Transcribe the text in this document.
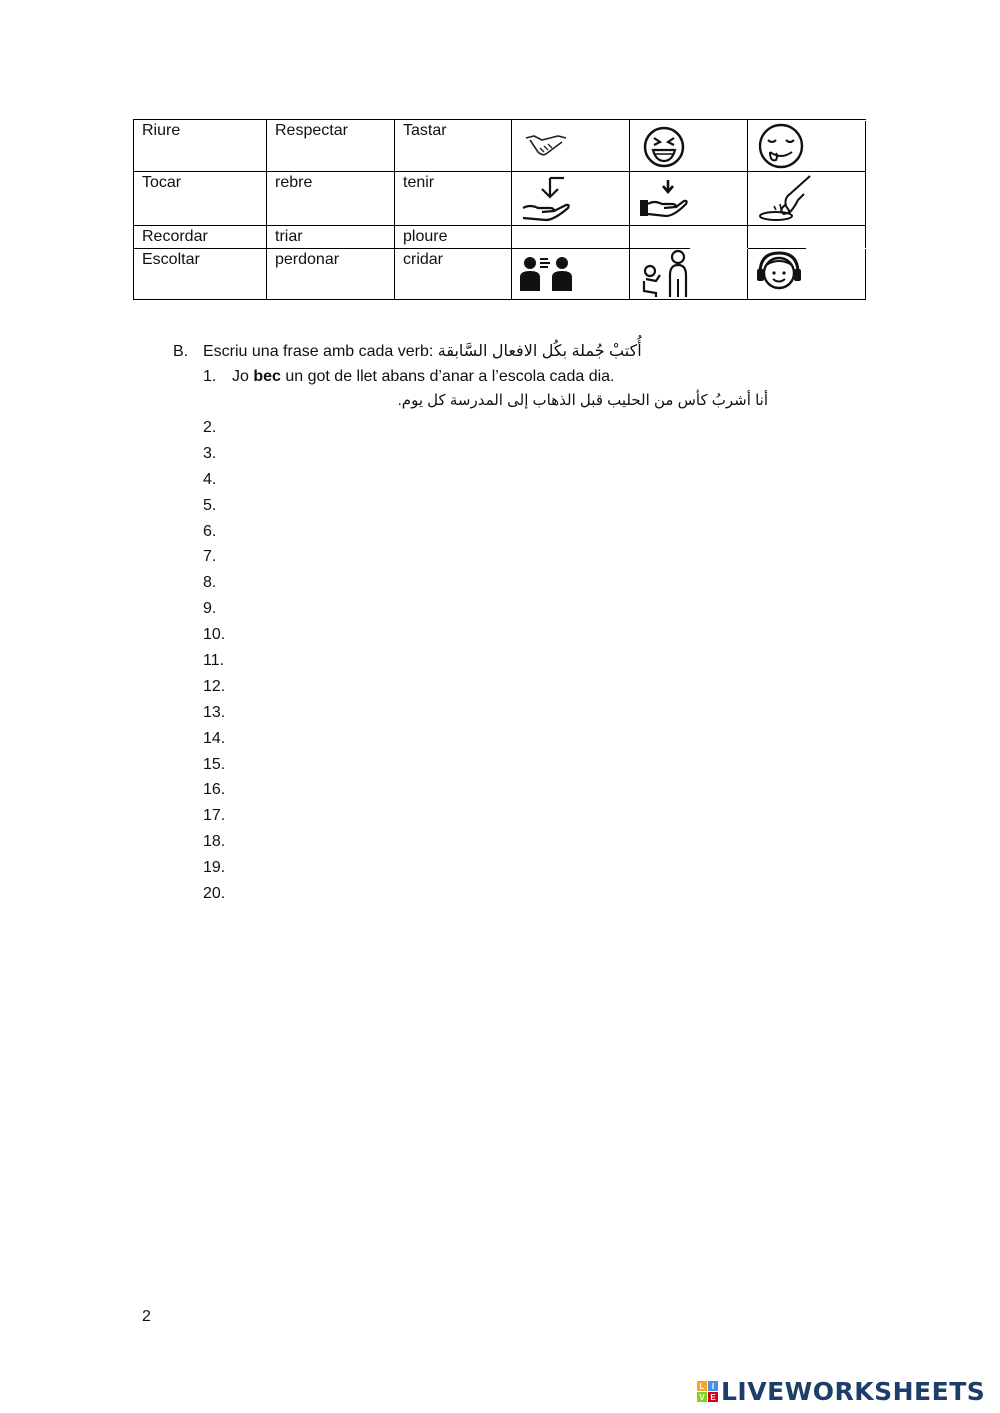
Riure	Respectar	Tastar	

Tocar	rebre	tenir	

Recordar	triar	ploure			
Escoltar	perdonar	cridar	

B. Escriu una frase amb cada verb: أُكتبْ جُملة بكُل الافعال السَّابقة
1. Jo bec un got de llet abans d’anar a l’escola cada dia.
أنا أشربُ كأس من الحليب قبل الذهاب إلى المدرسة كل يوم.
2.
3.
4.
5.
6.
7.
8.
9.
10.
11.
12.
13.
14.
15.
16.
17.
18.
19.
20.
2
L I
V E LIVEWORKSHEETS
